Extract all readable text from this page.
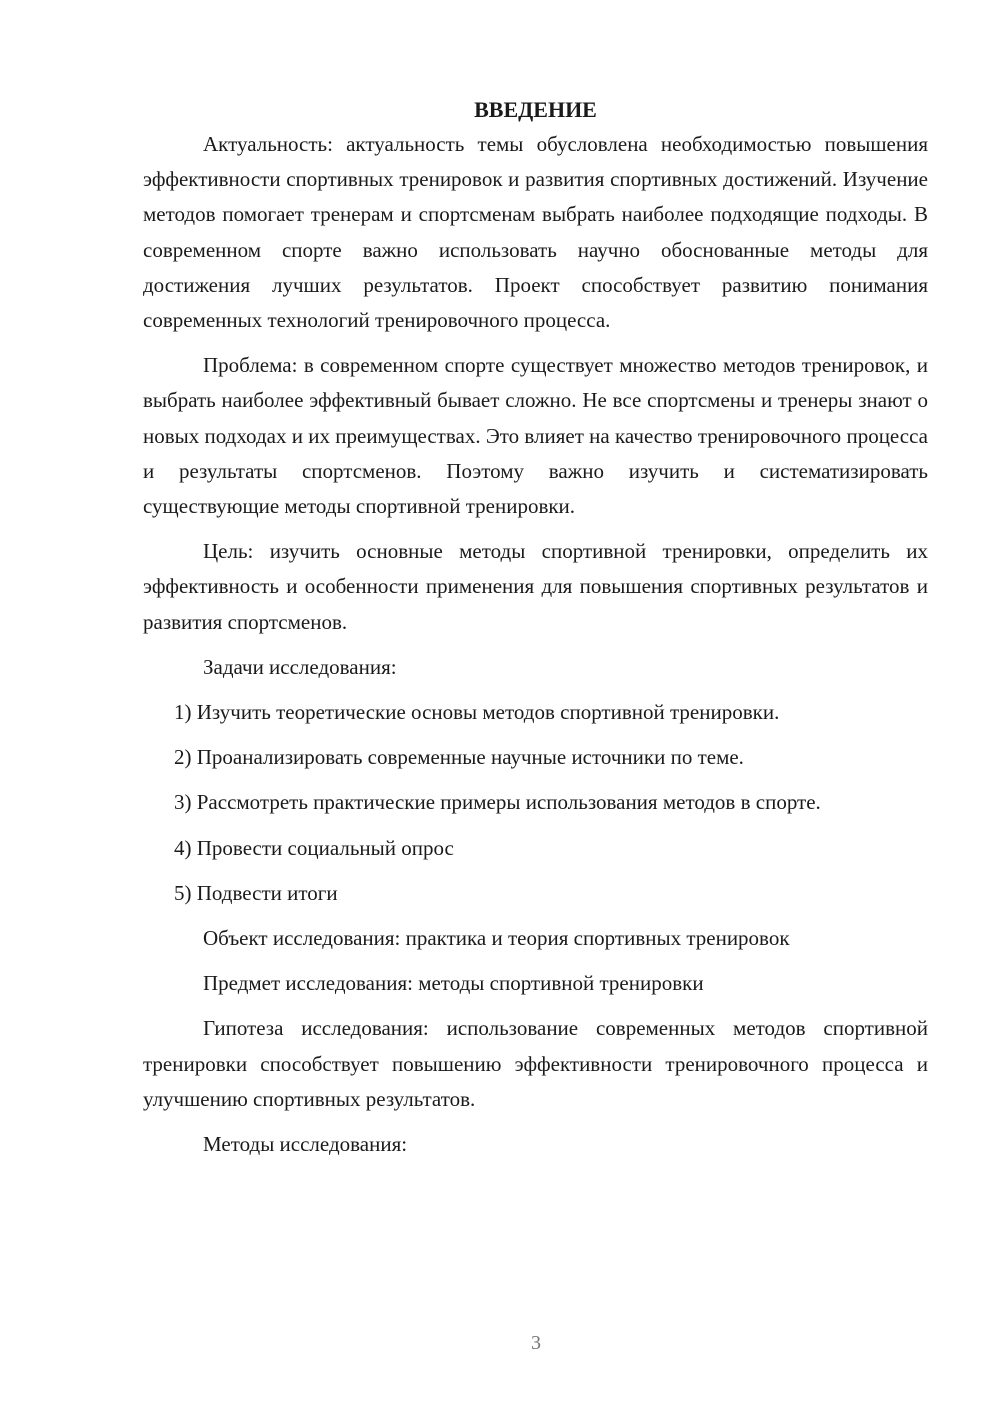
ВВЕДЕНИЕ

Актуальность: актуальность темы обусловлена необходимостью повышения эффективности спортивных тренировок и развития спортивных достижений. Изучение методов помогает тренерам и спортсменам выбрать наиболее подходящие подходы. В современном спорте важно использовать научно обоснованные методы для достижения лучших результатов. Проект способствует развитию понимания современных технологий тренировочного процесса.

Проблема: в современном спорте существует множество методов тренировок, и выбрать наиболее эффективный бывает сложно. Не все спортсмены и тренеры знают о новых подходах и их преимуществах. Это влияет на качество тренировочного процесса и результаты спортсменов. Поэтому важно изучить и систематизировать существующие методы спортивной тренировки.

Цель: изучить основные методы спортивной тренировки, определить их эффективность и особенности применения для повышения спортивных результатов и развития спортсменов.

Задачи исследования:

1) Изучить теоретические основы методов спортивной тренировки.

2) Проанализировать современные научные источники по теме.

3) Рассмотреть практические примеры использования методов в спорте.

4) Провести социальный опрос

5) Подвести итоги

Объект исследования: практика и теория спортивных тренировок

Предмет исследования: методы спортивной тренировки

Гипотеза исследования: использование современных методов спортивной тренировки способствует повышению эффективности тренировочного процесса и улучшению спортивных результатов.

Методы исследования:

3
